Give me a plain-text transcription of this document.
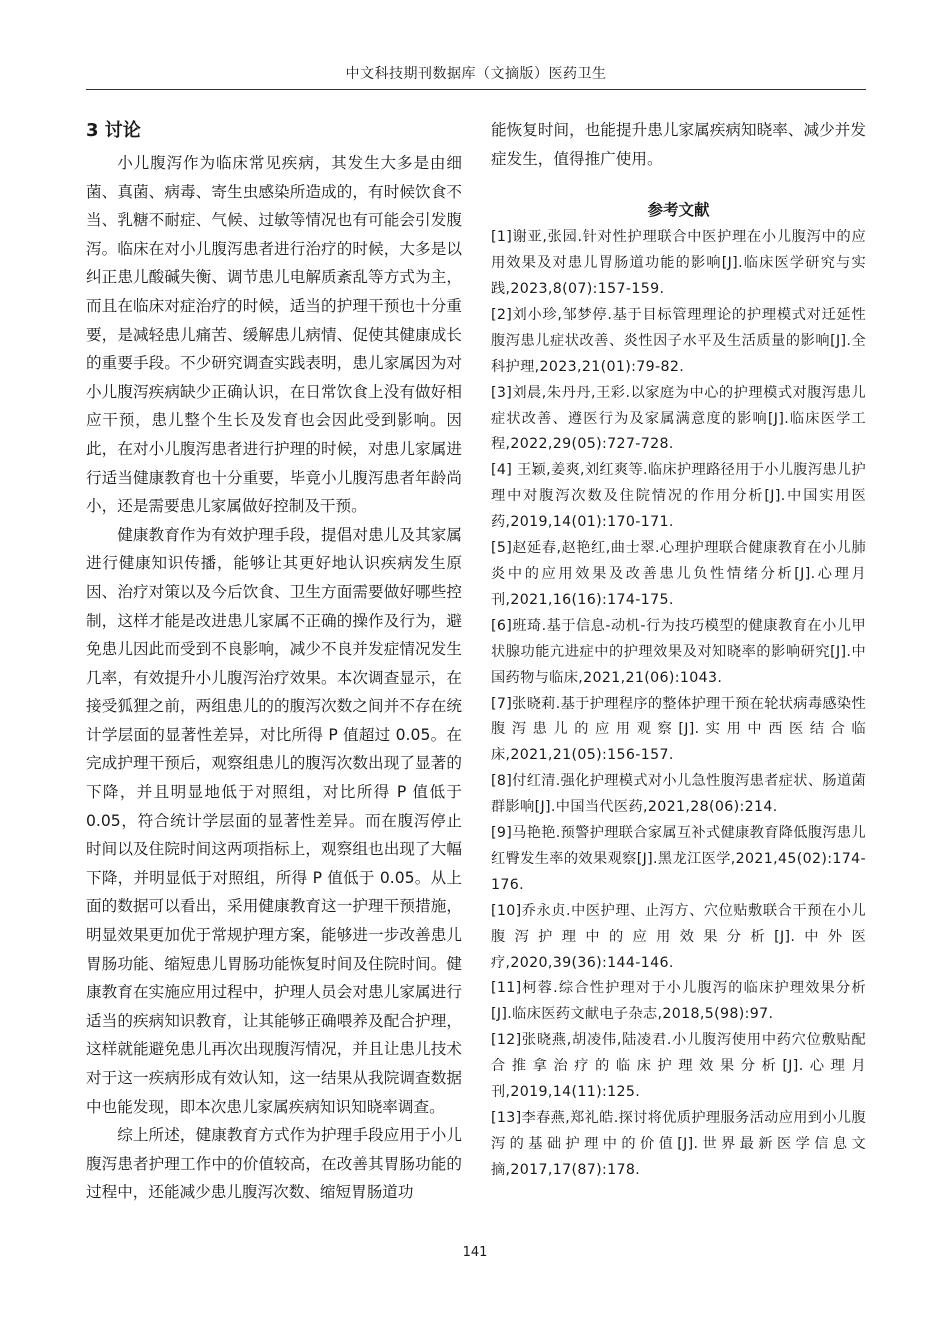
中文科技期刊数据库（文摘版）医药卫生
3 讨论

小儿腹泻作为临床常见疾病，其发生大多是由细菌、真菌、病毒、寄生虫感染所造成的，有时候饮食不当、乳糖不耐症、气候、过敏等情况也有可能会引发腹泻。临床在对小儿腹泻患者进行治疗的时候，大多是以纠正患儿酸碱失衡、调节患儿电解质紊乱等方式为主，而且在临床对症治疗的时候，适当的护理干预也十分重要，是减轻患儿痛苦、缓解患儿病情、促使其健康成长的重要手段。不少研究调查实践表明，患儿家属因为对小儿腹泻疾病缺少正确认识，在日常饮食上没有做好相应干预，患儿整个生长及发育也会因此受到影响。因此，在对小儿腹泻患者进行护理的时候，对患儿家属进行适当健康教育也十分重要，毕竟小儿腹泻患者年龄尚小，还是需要患儿家属做好控制及干预。

健康教育作为有效护理手段，提倡对患儿及其家属进行健康知识传播，能够让其更好地认识疾病发生原因、治疗对策以及今后饮食、卫生方面需要做好哪些控制，这样才能是改进患儿家属不正确的操作及行为，避免患儿因此而受到不良影响，减少不良并发症情况发生几率，有效提升小儿腹泻治疗效果。本次调查显示，在接受狐狸之前，两组患儿的的腹泻次数之间并不存在统计学层面的显著性差异，对比所得 P 值超过 0.05。在完成护理干预后，观察组患儿的腹泻次数出现了显著的下降，并且明显地低于对照组，对比所得 P 值低于 0.05，符合统计学层面的显著性差异。而在腹泻停止时间以及住院时间这两项指标上，观察组也出现了大幅下降，并明显低于对照组，所得 P 值低于 0.05。从上面的数据可以看出，采用健康教育这一护理干预措施，明显效果更加优于常规护理方案，能够进一步改善患儿胃肠功能、缩短患儿胃肠功能恢复时间及住院时间。健康教育在实施应用过程中，护理人员会对患儿家属进行适当的疾病知识教育，让其能够正确喂养及配合护理，这样就能避免患儿再次出现腹泻情况，并且让患儿技术对于这一疾病形成有效认知，这一结果从我院调查数据中也能发现，即本次患儿家属疾病知识知晓率调查。

综上所述，健康教育方式作为护理手段应用于小儿腹泻患者护理工作中的价值较高，在改善其胃肠功能的过程中，还能减少患儿腹泻次数、缩短胃肠道功

能恢复时间，也能提升患儿家属疾病知晓率、减少并发症发生，值得推广使用。

参考文献
[1]谢亚,张园.针对性护理联合中医护理在小儿腹泻中的应用效果及对患儿胃肠道功能的影响[J].临床医学研究与实践,2023,8(07):157-159.
[2]刘小珍,邹梦停.基于目标管理理论的护理模式对迁延性腹泻患儿症状改善、炎性因子水平及生活质量的影响[J].全科护理,2023,21(01):79-82.
[3]刘晨,朱丹丹,王彩.以家庭为中心的护理模式对腹泻患儿症状改善、遵医行为及家属满意度的影响[J].临床医学工程,2022,29(05):727-728.
[4] 王颖,姜爽,刘红爽等.临床护理路径用于小儿腹泻患儿护理中对腹泻次数及住院情况的作用分析[J].中国实用医药,2019,14(01):170-171.
[5]赵延春,赵艳红,曲士翠.心理护理联合健康教育在小儿肺炎中的应用效果及改善患儿负性情绪分析[J].心理月刊,2021,16(16):174-175.
[6]班琦.基于信息-动机-行为技巧模型的健康教育在小儿甲状腺功能亢进症中的护理效果及对知晓率的影响研究[J].中国药物与临床,2021,21(06):1043.
[7]张晓莉.基于护理程序的整体护理干预在轮状病毒感染性腹泻患儿的应用观察[J].实用中西医结合临床,2021,21(05):156-157.
[8]付红清.强化护理模式对小儿急性腹泻患者症状、肠道菌群影响[J].中国当代医药,2021,28(06):214.
[9]马艳艳.预警护理联合家属互补式健康教育降低腹泻患儿红臀发生率的效果观察[J].黑龙江医学,2021,45(02):174-176.
[10]乔永贞.中医护理、止泻方、穴位贴敷联合干预在小儿腹泻护理中的应用效果分析[J].中外医疗,2020,39(36):144-146.
[11]柯蓉.综合性护理对于小儿腹泻的临床护理效果分析[J].临床医药文献电子杂志,2018,5(98):97.
[12]张晓燕,胡凌伟,陆凌君.小儿腹泻使用中药穴位敷贴配合推拿治疗的临床护理效果分析[J].心理月刊,2019,14(11):125.
[13]李春燕,郑礼皓.探讨将优质护理服务活动应用到小儿腹泻的基础护理中的价值[J].世界最新医学信息文摘,2017,17(87):178.
141
